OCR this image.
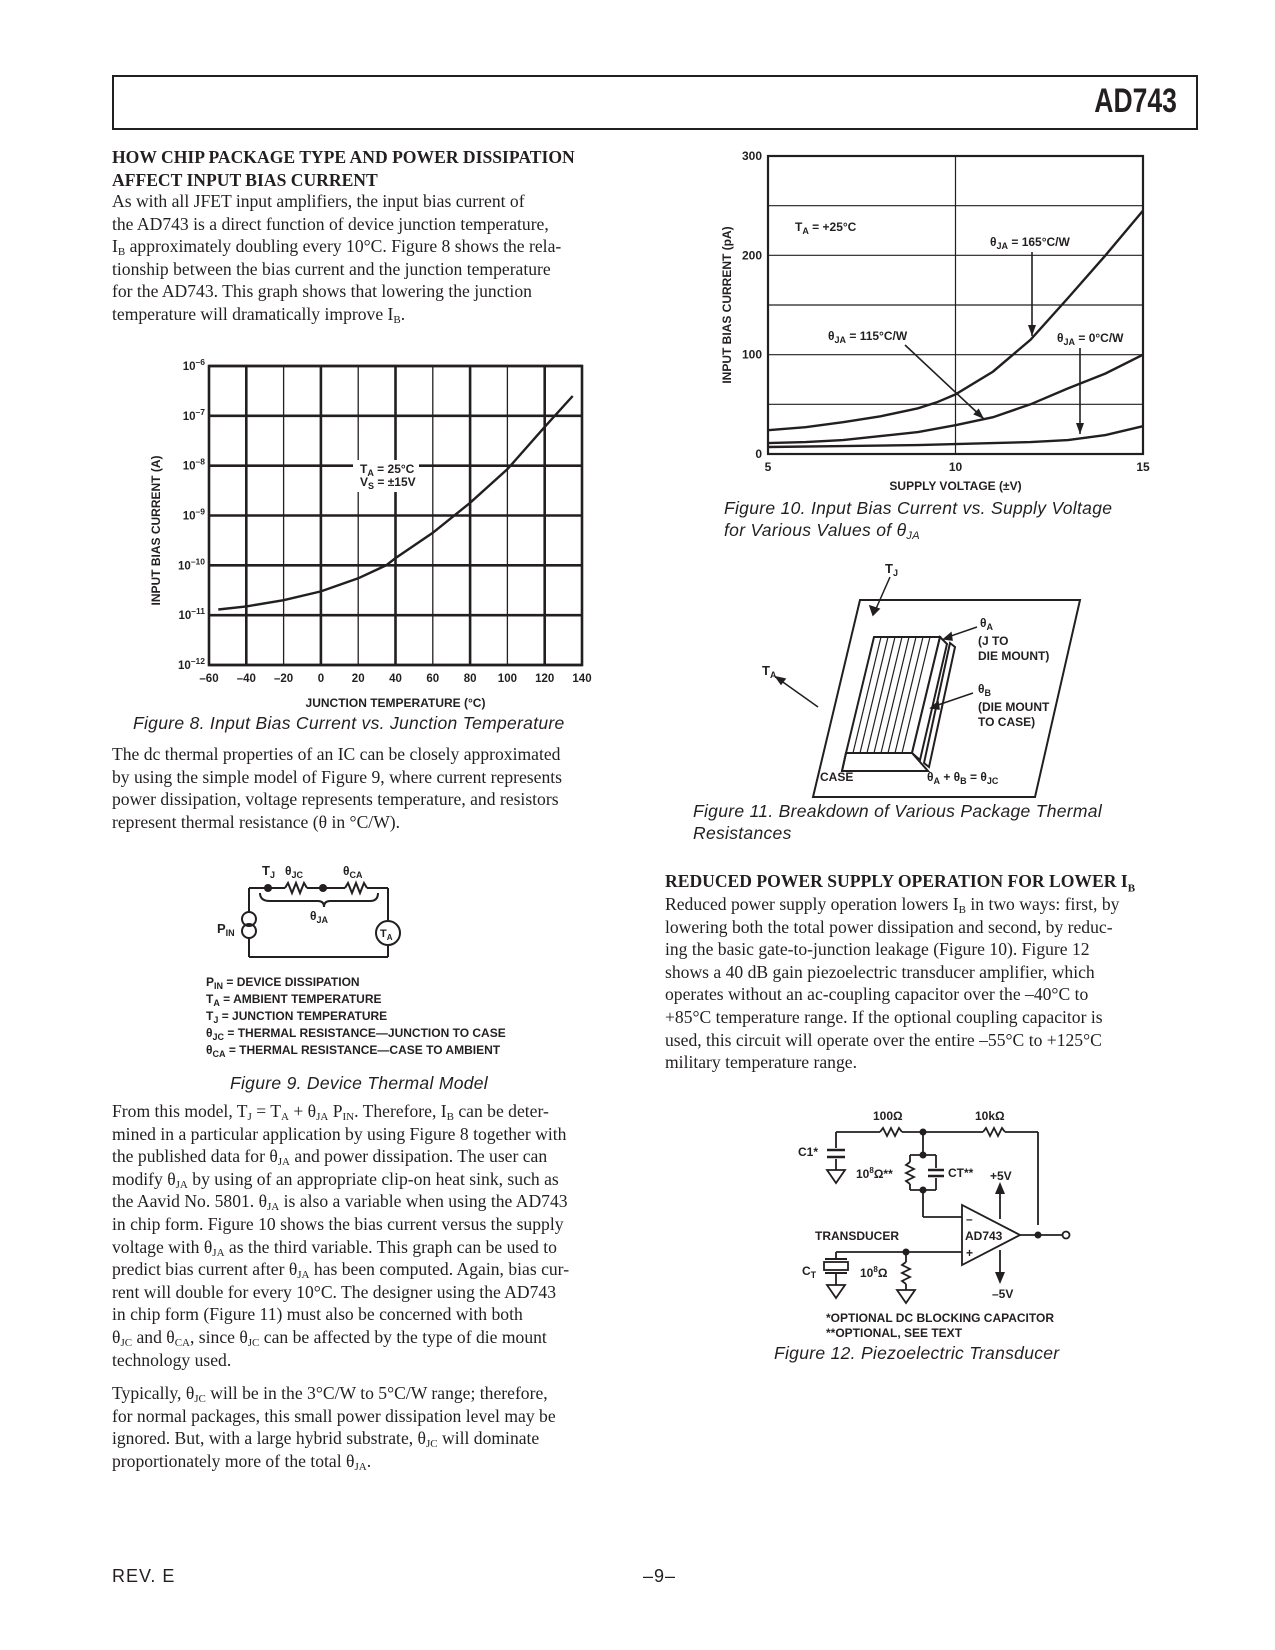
AD743
HOW CHIP PACKAGE TYPE AND POWER DISSIPATION
AFFECT INPUT BIAS CURRENT
As with all JFET input amplifiers, the input bias current of
the AD743 is a direct function of device junction temperature,
$I_B$ approximately doubling every 10°C. Figure 8 shows the rela-
tionship between the bias current and the junction temperature
for the AD743. This graph shows that lowering the junction
temperature will dramatically improve $I_B$.
–60 –40 –20 0 20 40 60 80 100 120 140
$10^{-6}$
$10^{-7}$
$10^{-8}$
$10^{-9}$
$10^{-10}$
$10^{-11}$
$10^{-12}$
$T_A = 25^\circ C$
$V_S = \pm 15V$
JUNCTION TEMPERATURE (°C)
INPUT BIAS CURRENT (A)
Figure 8. Input Bias Current vs. Junction Temperature
The dc thermal properties of an IC can be closely approximated
by using the simple model of Figure 9, where current represents
power dissipation, voltage represents temperature, and resistors
represent thermal resistance (θ in °C/W).
$T_J$ $\theta_{JC}$	$\theta_{CA}$
$\theta_{JA}$
$P_{IN}$	$T_A$
$P_{IN}$ = DEVICE DISSIPATION
$T_A$ = AMBIENT TEMPERATURE
$T_J$ = JUNCTION TEMPERATURE
$\theta_{JC}$ = THERMAL RESISTANCE—JUNCTION TO CASE
$\theta_{CA}$ = THERMAL RESISTANCE—CASE TO AMBIENT
Figure 9. Device Thermal Model
From this model, $T_J = T_A + \theta_{JA}$ $P_{IN}$. Therefore, $I_B$ can be deter-
mined in a particular application by using Figure 8 together with
the published data for $\theta_{JA}$ and power dissipation. The user can
modify $\theta_{JA}$ by using of an appropriate clip-on heat sink, such as
the Aavid No. 5801. $\theta_{JA}$ is also a variable when using the AD743
in chip form. Figure 10 shows the bias current versus the supply
voltage with $\theta_{JA}$ as the third variable. This graph can be used to
predict bias current after $\theta_{JA}$ has been computed. Again, bias cur-
rent will double for every 10°C. The designer using the AD743
in chip form (Figure 11) must also be concerned with both
$\theta_{JC}$ and $\theta_{CA}$, since $\theta_{JC}$ can be affected by the type of die mount
technology used.
Typically, $\theta_{JC}$ will be in the 3°C/W to 5°C/W range; therefore,
for normal packages, this small power dissipation level may be
ignored. But, with a large hybrid substrate, $\theta_{JC}$ will dominate
proportionately more of the total $\theta_{JA}$.
5	10	15
0
100
200
300
$\theta_{JA} = 165^\circ C/W$
$\theta_{JA} = 115^\circ C/W$	$\theta_{JA} = 0^\circ C/W$
$T_A = +25^\circ C$
SUPPLY VOLTAGE (±V)
INPUT BIAS CURRENT (pA)
Figure 10. Input Bias Current vs. Supply Voltage
for Various Values of $\theta_{JA}$
$T_J$
$\theta_A$
(J TO
DIE MOUNT)
$\theta_B$
(DIE MOUNT
TO CASE)
$T_A$
CASE	$\theta_A + \theta_B = \theta_{JC}$
Figure 11. Breakdown of Various Package Thermal
Resistances
REDUCED POWER SUPPLY OPERATION FOR LOWER $I_B$
Reduced power supply operation lowers $I_B$ in two ways: first, by
lowering both the total power dissipation and second, by reduc-
ing the basic gate-to-junction leakage (Figure 10). Figure 12
shows a 40 dB gain piezoelectric transducer amplifier, which
operates without an ac-coupling capacitor over the –40°C to
+85°C temperature range. If the optional coupling capacitor is
used, this circuit will operate over the entire –55°C to +125°C
military temperature range.
100Ω	10kΩ
C1*
$10^8\Omega**$	CT** +5V
–5V
AD743
–
+
TRANSDUCER
$C_T$	$10^8\Omega$
*OPTIONAL DC BLOCKING CAPACITOR
**OPTIONAL, SEE TEXT
Figure 12. Piezoelectric Transducer
REV. E	–9–
